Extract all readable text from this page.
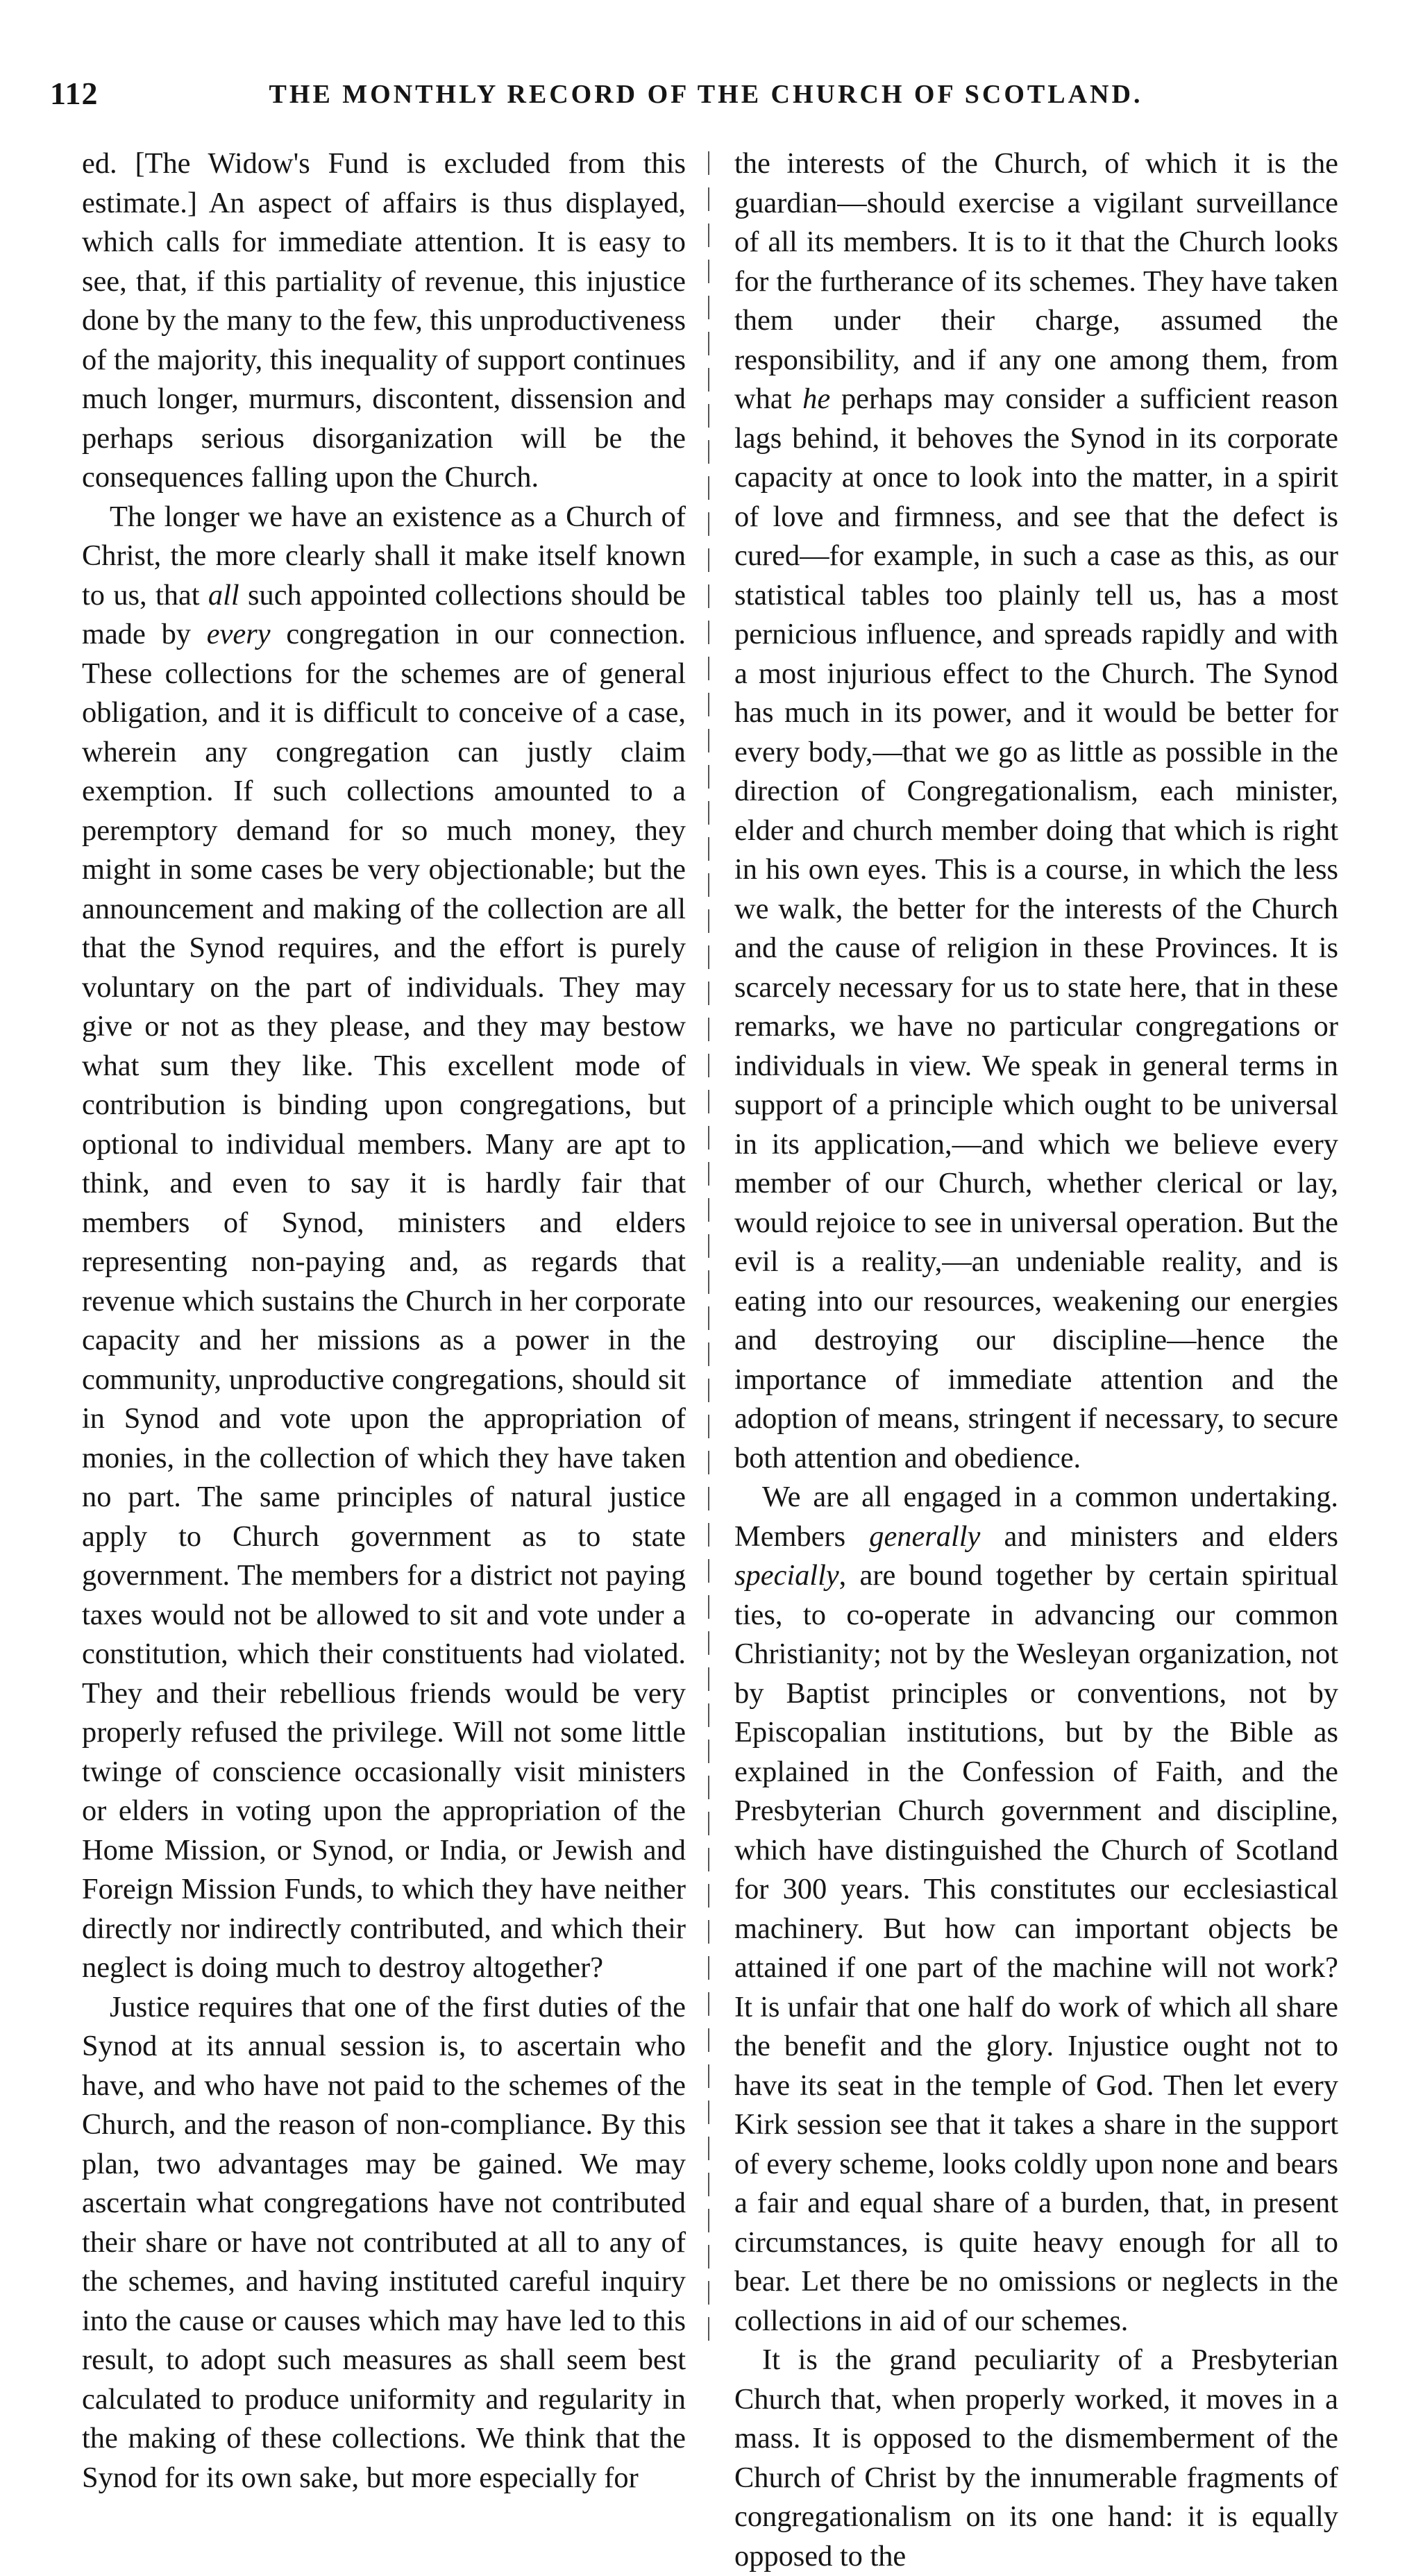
112	THE MONTHLY RECORD OF THE CHURCH OF SCOTLAND.

ed. [The Widow's Fund is excluded from this estimate.] An aspect of affairs is thus displayed, which calls for immediate attention. It is easy to see, that, if this partiality of revenue, this injustice done by the many to the few, this unproductiveness of the majority, this inequality of support continues much longer, murmurs, discontent, dissension and perhaps serious disorganization will be the consequences falling upon the Church.

The longer we have an existence as a Church of Christ, the more clearly shall it make itself known to us, that all such appointed collections should be made by every congregation in our connection. These collections for the schemes are of general obligation, and it is difficult to conceive of a case, wherein any congregation can justly claim exemption. If such collections amounted to a peremptory demand for so much money, they might in some cases be very objectionable; but the announcement and making of the collection are all that the Synod requires, and the effort is purely voluntary on the part of individuals. They may give or not as they please, and they may bestow what sum they like. This excellent mode of contribution is binding upon congregations, but optional to individual members. Many are apt to think, and even to say it is hardly fair that members of Synod, ministers and elders representing non-paying and, as regards that revenue which sustains the Church in her corporate capacity and her missions as a power in the community, unproductive congregations, should sit in Synod and vote upon the appropriation of monies, in the collection of which they have taken no part. The same principles of natural justice apply to Church government as to state government. The members for a district not paying taxes would not be allowed to sit and vote under a constitution, which their constituents had violated. They and their rebellious friends would be very properly refused the privilege. Will not some little twinge of conscience occasionally visit ministers or elders in voting upon the appropriation of the Home Mission, or Synod, or India, or Jewish and Foreign Mission Funds, to which they have neither directly nor indirectly contributed, and which their neglect is doing much to destroy altogether?

Justice requires that one of the first duties of the Synod at its annual session is, to ascertain who have, and who have not paid to the schemes of the Church, and the reason of non-compliance. By this plan, two advantages may be gained. We may ascertain what congregations have not contributed their share or have not contributed at all to any of the schemes, and having instituted careful inquiry into the cause or causes which may have led to this result, to adopt such measures as shall seem best calculated to produce uniformity and regularity in the making of these collections. We think that the Synod for its own sake, but more especially for

the interests of the Church, of which it is the guardian—should exercise a vigilant surveillance of all its members. It is to it that the Church looks for the furtherance of its schemes. They have taken them under their charge, assumed the responsibility, and if any one among them, from what he perhaps may consider a sufficient reason lags behind, it behoves the Synod in its corporate capacity at once to look into the matter, in a spirit of love and firmness, and see that the defect is cured—for example, in such a case as this, as our statistical tables too plainly tell us, has a most pernicious influence, and spreads rapidly and with a most injurious effect to the Church. The Synod has much in its power, and it would be better for every body,—that we go as little as possible in the direction of Congregationalism, each minister, elder and church member doing that which is right in his own eyes. This is a course, in which the less we walk, the better for the interests of the Church and the cause of religion in these Provinces. It is scarcely necessary for us to state here, that in these remarks, we have no particular congregations or individuals in view. We speak in general terms in support of a principle which ought to be universal in its application,—and which we believe every member of our Church, whether clerical or lay, would rejoice to see in universal operation. But the evil is a reality,—an undeniable reality, and is eating into our resources, weakening our energies and destroying our discipline—hence the importance of immediate attention and the adoption of means, stringent if necessary, to secure both attention and obedience.

We are all engaged in a common undertaking. Members generally and ministers and elders specially, are bound together by certain spiritual ties, to co-operate in advancing our common Christianity; not by the Wesleyan organization, not by Baptist principles or conventions, not by Episcopalian institutions, but by the Bible as explained in the Confession of Faith, and the Presbyterian Church government and discipline, which have distinguished the Church of Scotland for 300 years. This constitutes our ecclesiastical machinery. But how can important objects be attained if one part of the machine will not work? It is unfair that one half do work of which all share the benefit and the glory. Injustice ought not to have its seat in the temple of God. Then let every Kirk session see that it takes a share in the support of every scheme, looks coldly upon none and bears a fair and equal share of a burden, that, in present circumstances, is quite heavy enough for all to bear. Let there be no omissions or neglects in the collections in aid of our schemes.

It is the grand peculiarity of a Presbyterian Church that, when properly worked, it moves in a mass. It is opposed to the dismemberment of the Church of Christ by the innumerable fragments of congregationalism on its one hand: it is equally opposed to the
